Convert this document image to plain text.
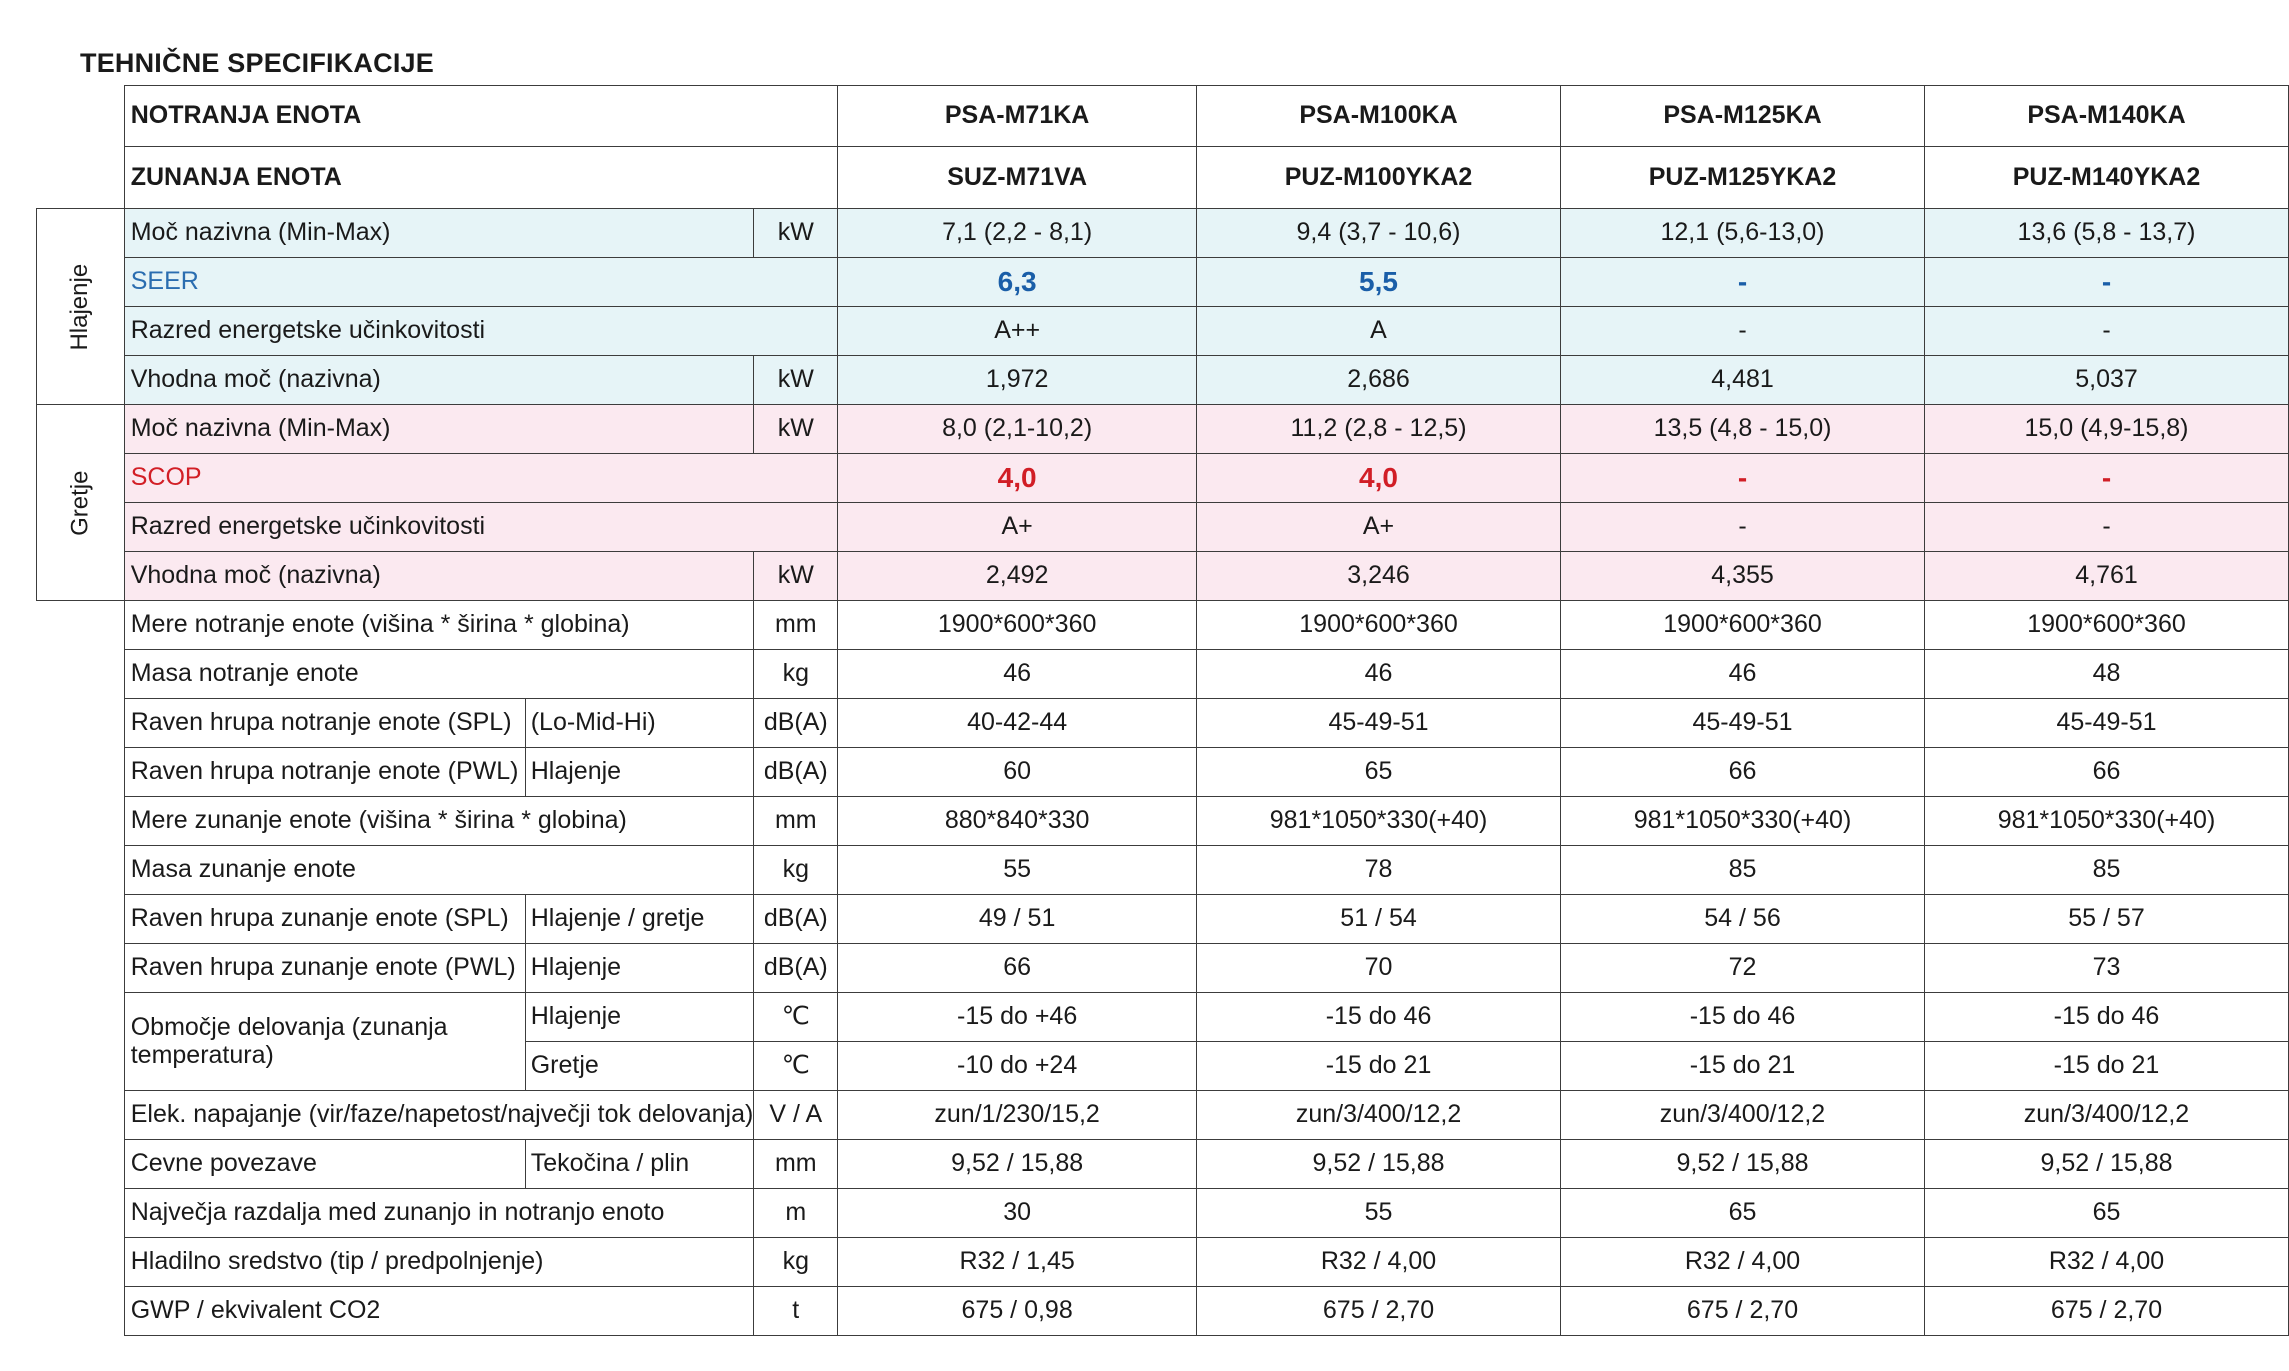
TEHNIČNE SPECIFIKACIJE
	NOTRANJA ENOTA			PSA-M71KA	PSA-M100KA	PSA-M125KA	PSA-M140KA
	ZUNANJA ENOTA			SUZ-M71VA	PUZ-M100YKA2	PUZ-M125YKA2	PUZ-M140YKA2
Hlajenje	Moč nazivna (Min-Max)		kW	7,1 (2,2 - 8,1)	9,4 (3,7 - 10,6)	12,1 (5,6-13,0)	13,6 (5,8 - 13,7)
	SEER			6,3	5,5	-	-
	Razred energetske učinkovitosti			A++	A	-	-
	Vhodna moč (nazivna)		kW	1,972	2,686	4,481	5,037
Gretje	Moč nazivna (Min-Max)		kW	8,0 (2,1-10,2)	11,2 (2,8 - 12,5)	13,5 (4,8 - 15,0)	15,0 (4,9-15,8)
	SCOP			4,0	4,0	-	-
	Razred energetske učinkovitosti			A+	A+	-	-
	Vhodna moč (nazivna)		kW	2,492	3,246	4,355	4,761
	Mere notranje enote (višina * širina * globina)		mm	1900*600*360	1900*600*360	1900*600*360	1900*600*360
	Masa notranje enote		kg	46	46	46	48
	Raven hrupa notranje enote (SPL)	(Lo-Mid-Hi)	dB(A)	40-42-44	45-49-51	45-49-51	45-49-51
	Raven hrupa notranje enote (PWL)	Hlajenje	dB(A)	60	65	66	66
	Mere zunanje enote (višina * širina * globina)		mm	880*840*330	981*1050*330(+40)	981*1050*330(+40)	981*1050*330(+40)
	Masa zunanje enote		kg	55	78	85	85
	Raven hrupa zunanje enote (SPL)	Hlajenje / gretje	dB(A)	49 / 51	51 / 54	54 / 56	55 / 57
	Raven hrupa zunanje enote (PWL)	Hlajenje	dB(A)	66	70	72	73
	Območje delovanja (zunanja temperatura)	Hlajenje	℃	-15 do +46	-15 do 46	-15 do 46	-15 do 46
		Gretje	℃	-10 do +24	-15 do 21	-15 do 21	-15 do 21
	Elek. napajanje (vir/faze/napetost/največji tok delovanja)		V / A	zun/1/230/15,2	zun/3/400/12,2	zun/3/400/12,2	zun/3/400/12,2
	Cevne povezave	Tekočina / plin	mm	9,52 / 15,88	9,52 / 15,88	9,52 / 15,88	9,52 / 15,88
	Največja razdalja med zunanjo in notranjo enoto		m	30	55	65	65
	Hladilno sredstvo (tip / predpolnjenje)		kg	R32 / 1,45	R32 / 4,00	R32 / 4,00	R32 / 4,00
	GWP / ekvivalent CO2		t	675 / 0,98	675 / 2,70	675 / 2,70	675 / 2,70
